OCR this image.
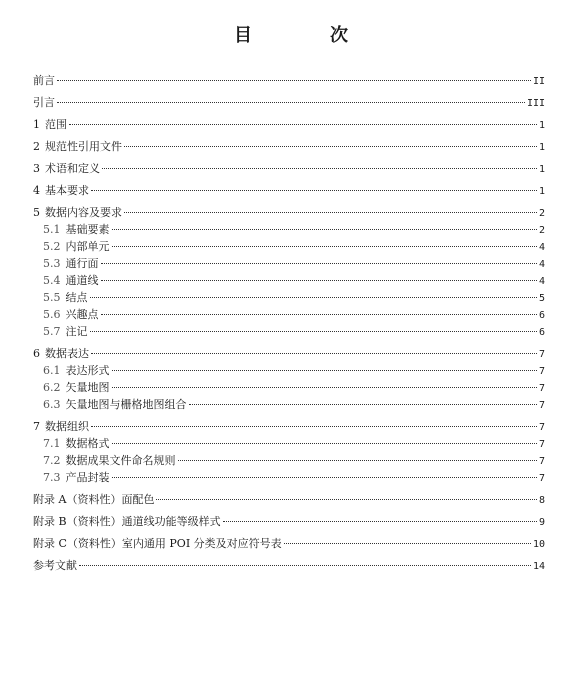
目　次
前言	II
引言	III
1 范围	1
2 规范性引用文件	1
3 术语和定义	1
4 基本要求	1
5 数据内容及要求	2
5.1 基础要素	2
5.2 内部单元	4
5.3 通行面	4
5.4 通道线	4
5.5 结点	5
5.6 兴趣点	6
5.7 注记	6
6 数据表达	7
6.1 表达形式	7
6.2 矢量地图	7
6.3 矢量地图与栅格地图组合	7
7 数据组织	7
7.1 数据格式	7
7.2 数据成果文件命名规则	7
7.3 产品封装	7
附录 A（资料性）面配色	8
附录 B（资料性）通道线功能等级样式	9
附录 C（资料性）室内通用 POI 分类及对应符号表	10
参考文献	14
